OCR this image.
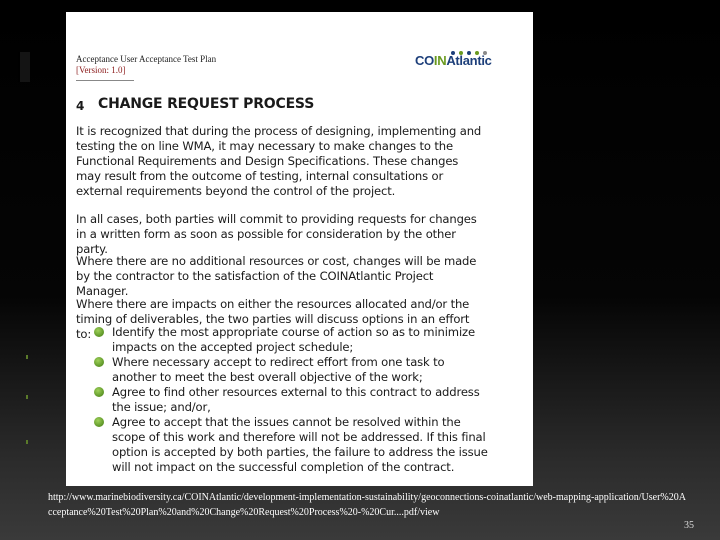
Acceptance User Acceptance Test Plan
[Version: 1.0]
COINAtlantic
4 CHANGE REQUEST PROCESS
It is recognized that during the process of designing, implementing and testing the on line WMA, it may necessary to make changes to the Functional Requirements and Design Specifications. These changes may result from the outcome of testing, internal consultations or external requirements beyond the control of the project.
In all cases, both parties will commit to providing requests for changes in a written form as soon as possible for consideration by the other party.
Where there are no additional resources or cost, changes will be made by the contractor to the satisfaction of the COINAtlantic Project Manager.
Where there are impacts on either the resources allocated and/or the timing of deliverables, the two parties will discuss options in an effort to:	Identify the most appropriate course of action so as to minimize impacts on the accepted project schedule;
Where necessary accept to redirect effort from one task to another to meet the best overall objective of the work;
Agree to find other resources external to this contract to address the issue; and/or,
Agree to accept that the issues cannot be resolved within the scope of this work and therefore will not be addressed. If this final option is accepted by both parties, the failure to address the issue will not impact on the successful completion of the contract.
http://www.marinebiodiversity.ca/COINAtlantic/development-implementation-sustainability/geoconnections-coinatlantic/web-mapping-application/User%20Acceptance%20Test%20Plan%20and%20Change%20Request%20Process%20-%20Cur....pdf/view
35
